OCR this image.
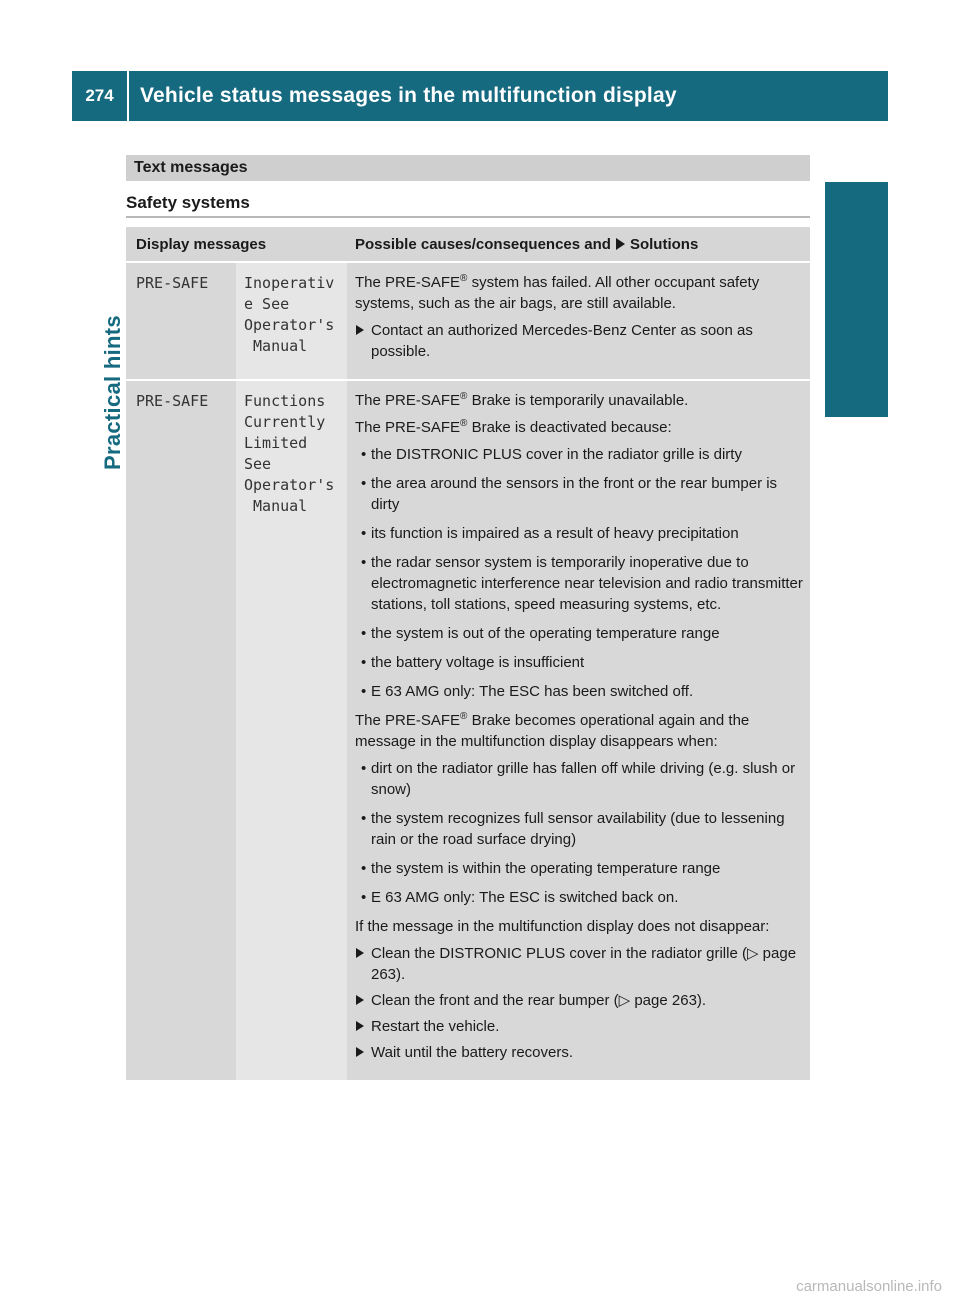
274	Vehicle status messages in the multifunction display
Practical hints
Text messages
Safety systems
Display messages	Possible causes/consequences and Solutions
PRE-SAFE	Inoperativ
e See
Operator's
Manual
The PRE-SAFE® system has failed. All other occupant safety systems, such as the air bags, are still available.
Contact an authorized Mercedes-Benz Center as soon as possible.
PRE-SAFE	Functions
Currently
Limited
See
Operator's
Manual
The PRE-SAFE® Brake is temporarily unavailable.
The PRE-SAFE® Brake is deactivated because:
• the DISTRONIC PLUS cover in the radiator grille is dirty
• the area around the sensors in the front or the rear bumper is dirty
• its function is impaired as a result of heavy precipitation
• the radar sensor system is temporarily inoperative due to electromagnetic interference near television and radio transmitter stations, toll stations, speed measuring systems, etc.
• the system is out of the operating temperature range
• the battery voltage is insufficient
• E 63 AMG only: The ESC has been switched off.
The PRE-SAFE® Brake becomes operational again and the message in the multifunction display disappears when:
• dirt on the radiator grille has fallen off while driving (e.g. slush or snow)
• the system recognizes full sensor availability (due to lessening rain or the road surface drying)
• the system is within the operating temperature range
• E 63 AMG only: The ESC is switched back on.
If the message in the multifunction display does not disappear:
Clean the DISTRONIC PLUS cover in the radiator grille (▷ page 263).
Clean the front and the rear bumper (▷ page 263).
Restart the vehicle.
Wait until the battery recovers.
carmanualsonline.info
